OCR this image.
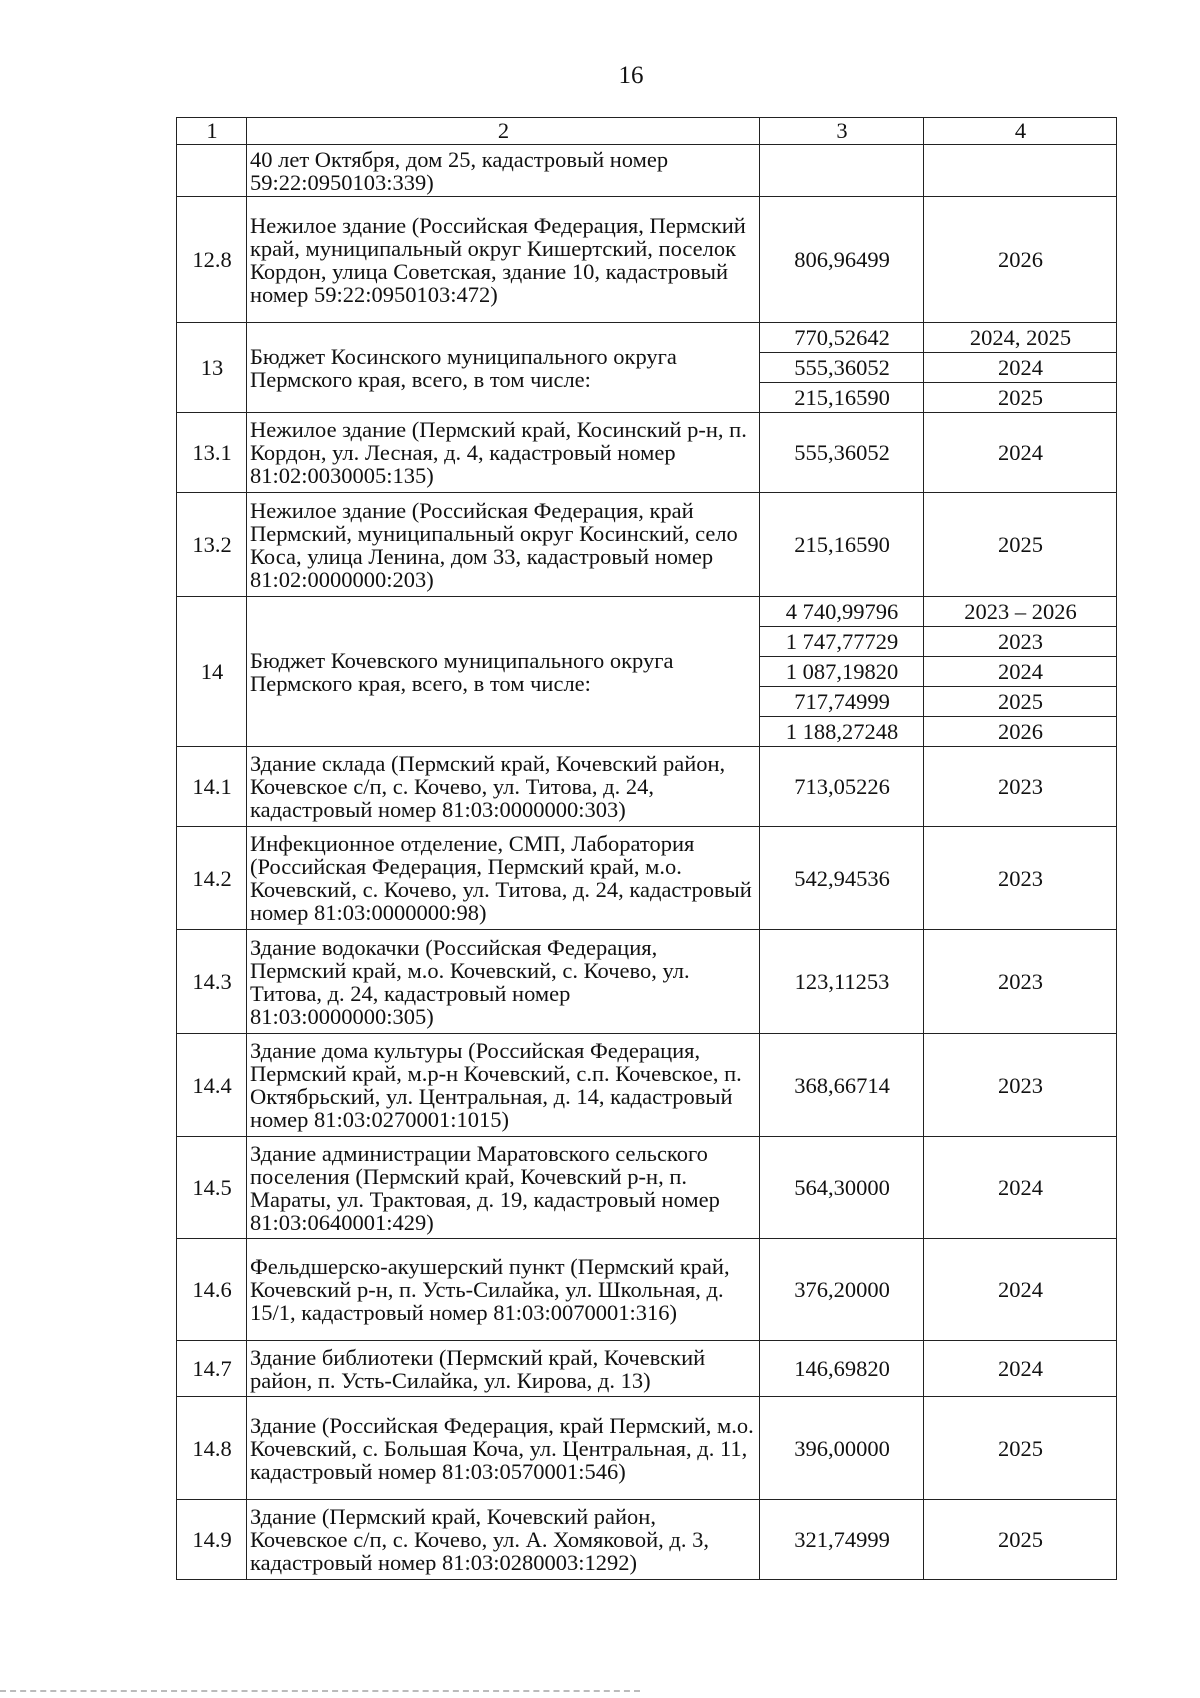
16
1	2	3	4
	40 лет Октября, дом 25, кадастровый номер 59:22:0950103:339)		
12.8	Нежилое здание (Российская Федерация, Пермский край, муниципальный округ Кишертский, поселок Кордон, улица Советская, здание 10, кадастровый номер 59:22:0950103:472)	806,96499	2026
13	Бюджет Косинского муниципального округа Пермского края, всего, в том числе:	770,52642	2024, 2025
		555,36052	2024
		215,16590	2025
13.1	Нежилое здание (Пермский край, Косинский р-н, п. Кордон, ул. Лесная, д. 4, кадастровый номер 81:02:0030005:135)	555,36052	2024
13.2	Нежилое здание (Российская Федерация, край Пермский, муниципальный округ Косинский, село Коса, улица Ленина, дом 33, кадастровый номер 81:02:0000000:203)	215,16590	2025
14	Бюджет Кочевского муниципального округа Пермского края, всего, в том числе:	4 740,99796	2023 – 2026
		1 747,77729	2023
		1 087,19820	2024
		717,74999	2025
		1 188,27248	2026
14.1	Здание склада (Пермский край, Кочевский район, Кочевское с/п, с. Кочево, ул. Титова, д. 24, кадастровый номер 81:03:0000000:303)	713,05226	2023
14.2	Инфекционное отделение, СМП, Лаборатория (Российская Федерация, Пермский край, м.о. Кочевский, с. Кочево, ул. Титова, д. 24, кадастровый номер 81:03:0000000:98)	542,94536	2023
14.3	Здание водокачки (Российская Федерация, Пермский край, м.о. Кочевский, с. Кочево, ул. Титова, д. 24, кадастровый номер 81:03:0000000:305)	123,11253	2023
14.4	Здание дома культуры (Российская Федерация, Пермский край, м.р-н Кочевский, с.п. Кочевское, п. Октябрьский, ул. Центральная, д. 14, кадастровый номер 81:03:0270001:1015)	368,66714	2023
14.5	Здание администрации Маратовского сельского поселения (Пермский край, Кочевский р-н, п. Мараты, ул. Трактовая, д. 19, кадастровый номер 81:03:0640001:429)	564,30000	2024
14.6	Фельдшерско-акушерский пункт (Пермский край, Кочевский р-н, п. Усть-Силайка, ул. Школьная, д. 15/1, кадастровый номер 81:03:0070001:316)	376,20000	2024
14.7	Здание библиотеки (Пермский край, Кочевский район, п. Усть-Силайка, ул. Кирова, д. 13)	146,69820	2024
14.8	Здание (Российская Федерация, край Пермский, м.о. Кочевский, с. Большая Коча, ул. Центральная, д. 11, кадастровый номер 81:03:0570001:546)	396,00000	2025
14.9	Здание (Пермский край, Кочевский район, Кочевское с/п, с. Кочево, ул. А. Хомяковой, д. 3, кадастровый номер 81:03:0280003:1292)	321,74999	2025
